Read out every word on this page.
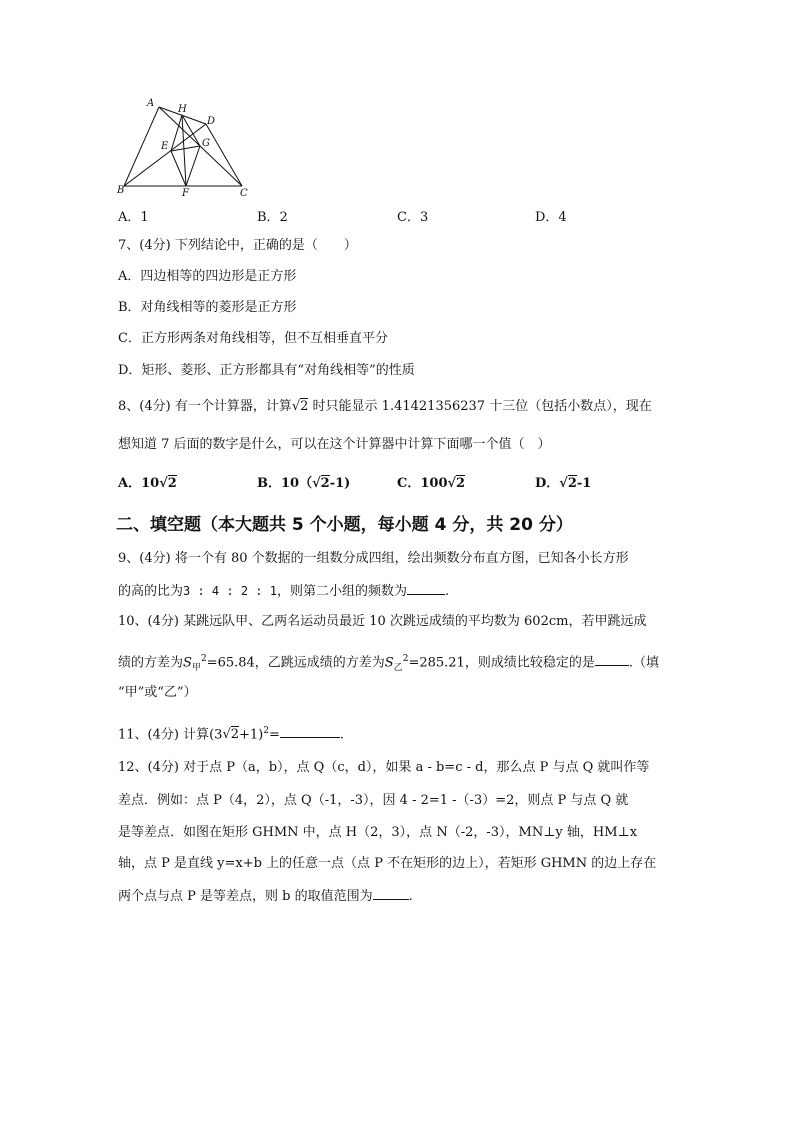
A
H
D
E	G
B	F	C
A．1	B．2	C．3	D．4
7、(4分) 下列结论中，正确的是（　　）
A．四边相等的四边形是正方形
B．对角线相等的菱形是正方形
C．正方形两条对角线相等，但不互相垂直平分
D．矩形、菱形、正方形都具有“对角线相等”的性质
8、(4分) 有一个计算器，计算√2 时只能显示 1.41421356237 十三位（包括小数点），现在
想知道 7 后面的数字是什么，可以在这个计算器中计算下面哪一个值（　）
A．10√2	B．10（√2-1)	C．100√2	D．√2-1
二、填空题（本大题共 5 个小题，每小题 4 分，共 20 分）
9、(4分) 将一个有 80 个数据的一组数分成四组，绘出频数分布直方图，已知各小长方形
的高的比为3 : 4 : 2 : 1，则第二小组的频数为	.
10、(4分) 某跳远队甲、乙两名运动员最近 10 次跳远成绩的平均数为 602cm，若甲跳远成
绩的方差为$S_甲^2=65.84$，乙跳远成绩的方差为$S_乙^2=285.21$，则成绩比较稳定的是	.（填
“甲”或“乙”）
11、(4分) 计算$(3√2+1)^2=$	.
12、(4分) 对于点 P（a，b），点 Q（c，d），如果 a - b=c - d，那么点 P 与点 Q 就叫作等
差点．例如：点 P（4，2），点 Q（-1，-3），因 4 - 2=1 -（-3）=2，则点 P 与点 Q 就
是等差点．如图在矩形 GHMN 中，点 H（2，3），点 N（-2，-3），MN⊥y 轴，HM⊥x
轴，点 P 是直线 y=x+b 上的任意一点（点 P 不在矩形的边上），若矩形 GHMN 的边上存在
两个点与点 P 是等差点，则 b 的取值范围为	.
